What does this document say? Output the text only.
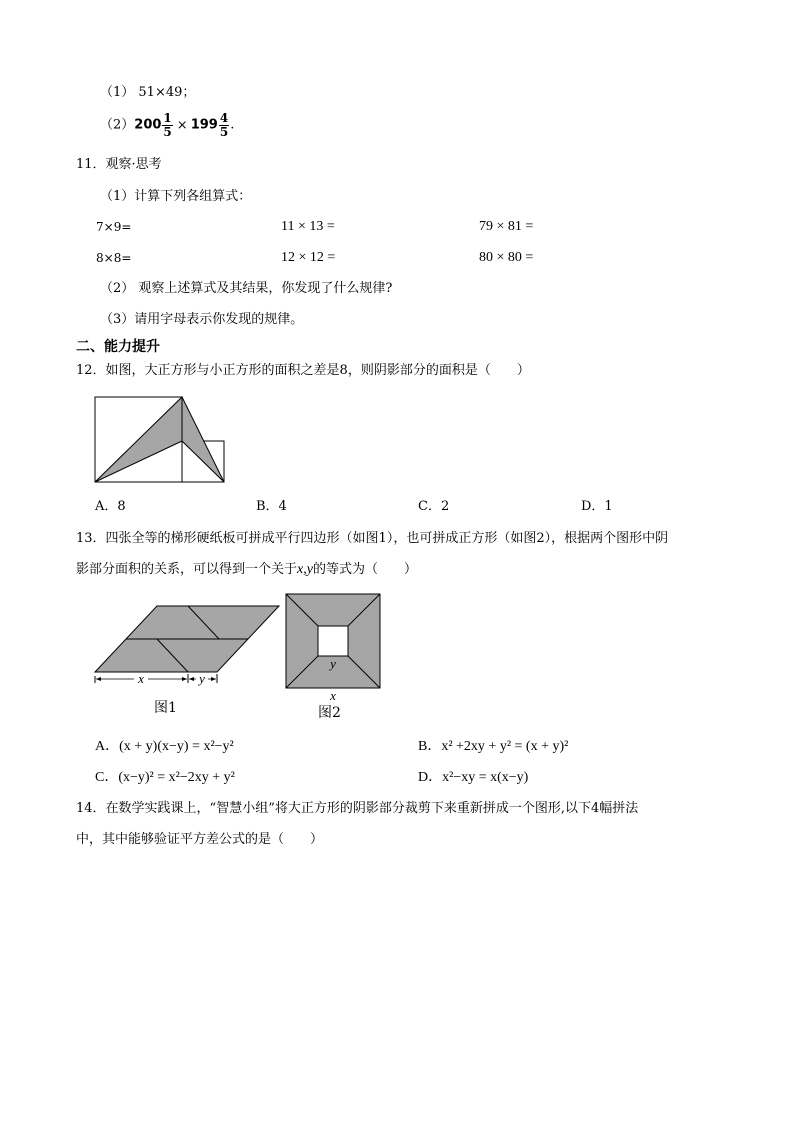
（1） 51×49；
$(2)200 \frac{1}{5} \times 199 \frac{4}{5}$ .
11．观察·思考
（1）计算下列各组算式：
7×9=	11 × 13 =	79 × 81 =
8×8=	12 × 12 =	80 × 80 =
（2） 观察上述算式及其结果，你发现了什么规律?
（3）请用字母表示你发现的规律。
二、能力提升
12．如图，大正方形与小正方形的面积之差是8，则阴影部分的面积是（　　）
A．8	B．4	C．2	D．1
13．四张全等的梯形硬纸板可拼成平行四边形（如图1），也可拼成正方形（如图2），根据两个图形中阴
影部分面积的关系，可以得到一个关于x,y的等式为（　　）
x	y
图1
y
x
图2
A．(x + y)(x−y) = x²−y²	B．x² +2xy + y² = (x + y)²
C．(x−y)² = x²−2xy + y²	D．x²−xy = x(x−y)
14．在数学实践课上，“智慧小组”将大正方形的阴影部分裁剪下来重新拼成一个图形,以下4幅拼法
中，其中能够验证平方差公式的是（　　）
